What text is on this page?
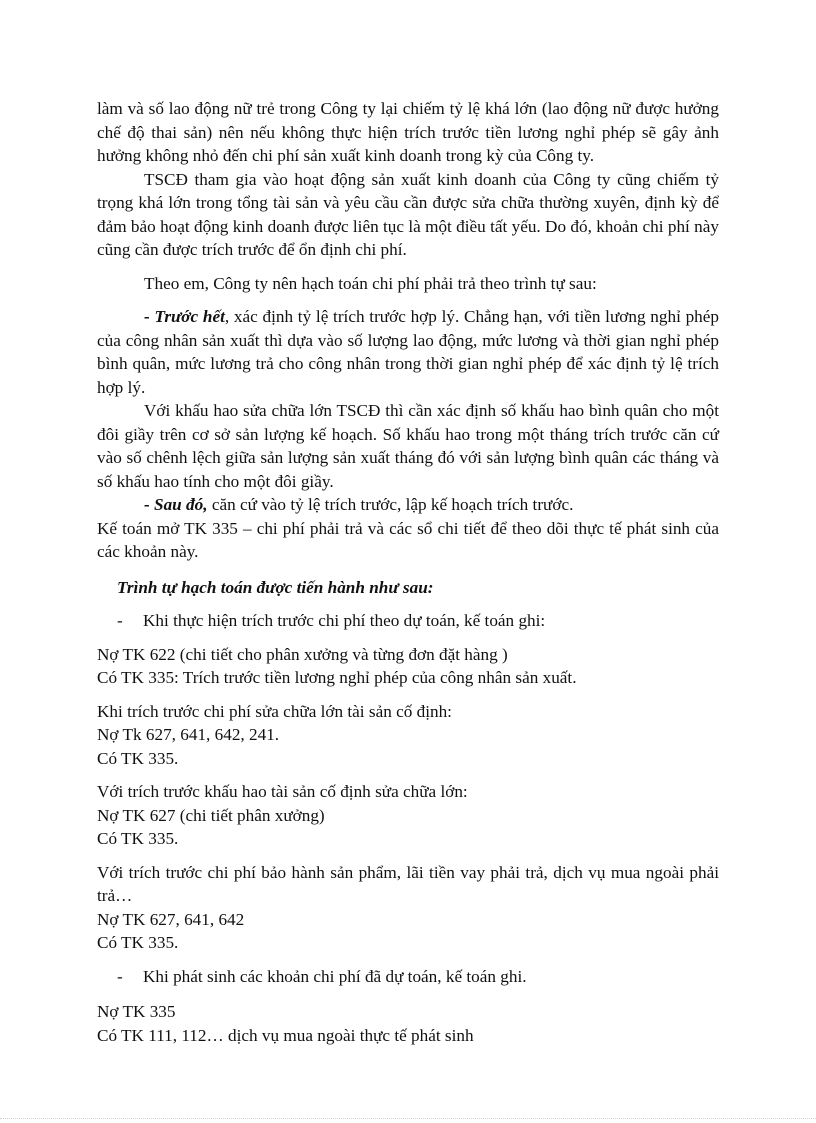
làm và số lao động nữ trẻ trong Công ty lại chiếm tỷ lệ khá lớn (lao động nữ được hưởng chế độ thai sản) nên nếu không thực hiện trích trước tiền lương nghỉ phép sẽ gây ảnh hưởng không nhỏ đến chi phí sản xuất kinh doanh trong kỳ của Công ty.

TSCĐ tham gia vào hoạt động sản xuất kinh doanh của Công ty cũng chiếm tỷ trọng khá lớn trong tổng tài sản và yêu cầu cần được sửa chữa thường xuyên, định kỳ để đảm bảo hoạt động kinh doanh được liên tục là một điều tất yếu. Do đó, khoản chi phí này cũng cần được trích trước để ổn định chi phí.

Theo em, Công ty nên hạch toán chi phí phải trả theo trình tự sau:

- Trước hết, xác định tỷ lệ trích trước hợp lý. Chẳng hạn, với tiền lương nghỉ phép của công nhân sản xuất thì dựa vào số lượng lao động, mức lương và thời gian nghỉ phép bình quân, mức lương trả cho công nhân trong thời gian nghỉ phép để xác định tỷ lệ trích hợp lý.

Với khấu hao sửa chữa lớn TSCĐ thì cần xác định số khấu hao bình quân cho một đôi giầy trên cơ sở sản lượng kế hoạch. Số khấu hao trong một tháng trích trước căn cứ vào số chênh lệch giữa sản lượng sản xuất tháng đó với sản lượng bình quân các tháng và số khấu hao tính cho một đôi giầy.

- Sau đó, căn cứ vào tỷ lệ trích trước, lập kế hoạch trích trước.

Kế toán mở TK 335 – chi phí phải trả và các sổ chi tiết để theo dõi thực tế phát sinh của các khoản này.

Trình tự hạch toán được tiến hành như sau:

-	Khi thực hiện trích trước chi phí theo dự toán, kế toán ghi:

Nợ TK 622 (chi tiết cho phân xưởng và từng đơn đặt hàng )

Có TK 335: Trích trước tiền lương nghỉ phép của công nhân sản xuất.

Khi trích trước chi phí sửa chữa lớn tài sản cố định:

Nợ Tk 627, 641, 642, 241.

Có TK 335.

Với trích trước khấu hao tài sản cố định sửa chữa lớn:

Nợ TK 627 (chi tiết phân xưởng)

Có TK 335.

Với trích trước chi phí bảo hành sản phẩm, lãi tiền vay phải trả, dịch vụ mua ngoài phải trả…

Nợ TK 627, 641, 642

Có TK 335.

-	Khi phát sinh các khoản chi phí đã dự toán, kế toán ghi.

Nợ TK 335

Có TK 111, 112… dịch vụ mua ngoài thực tế phát sinh
